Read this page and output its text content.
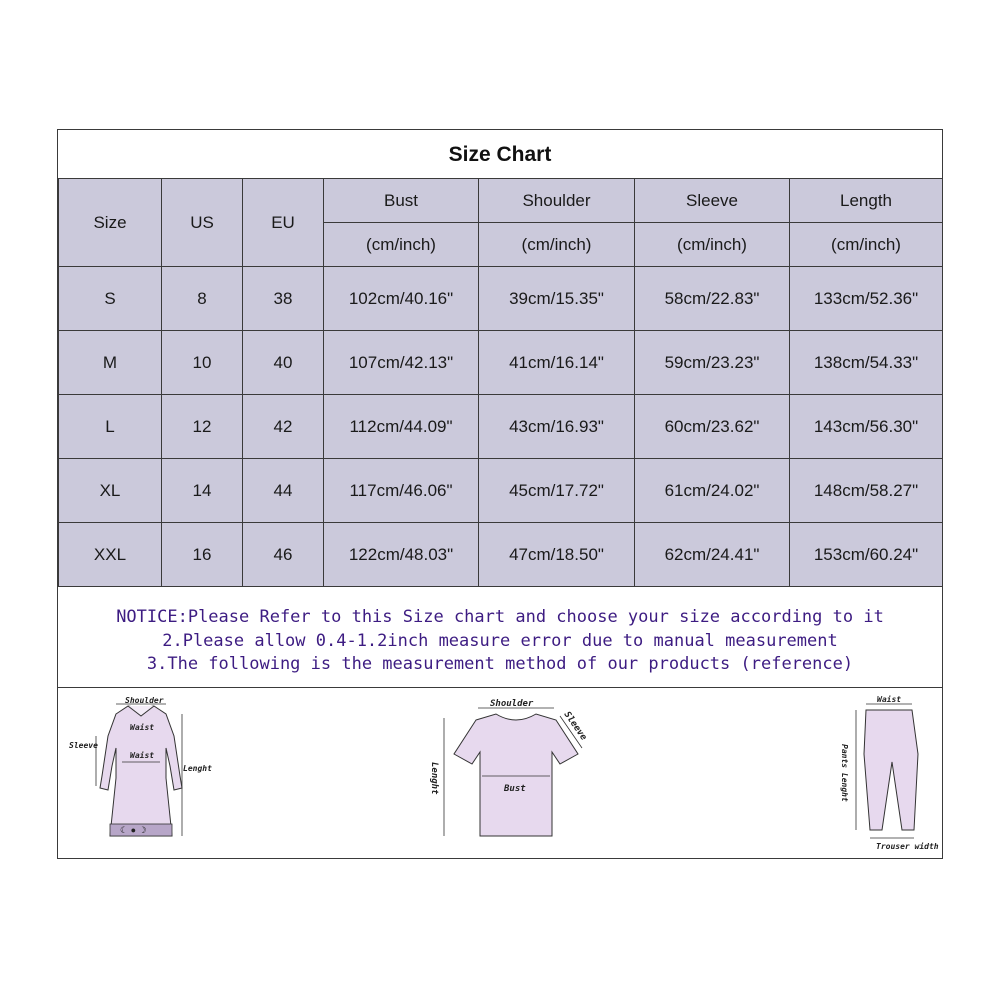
Size Chart
Size	US	EU	Bust	Shoulder	Sleeve	Length
			(cm/inch)	(cm/inch)	(cm/inch)	(cm/inch)
S	8	38	102cm/40.16"	39cm/15.35"	58cm/22.83"	133cm/52.36"
M	10	40	107cm/42.13"	41cm/16.14"	59cm/23.23"	138cm/54.33"
L	12	42	112cm/44.09"	43cm/16.93"	60cm/23.62"	143cm/56.30"
XL	14	44	117cm/46.06"	45cm/17.72"	61cm/24.02"	148cm/58.27"
XXL	16	46	122cm/48.03"	47cm/18.50"	62cm/24.41"	153cm/60.24"
NOTICE:Please Refer to this Size chart and choose your size according to it
2.Please allow 0.4-1.2inch measure error due to manual measurement
3.The following is the measurement method of our products (reference)
☾ ● ☽
Shoulder
Waist
Waist
Sleeve
Lenght
Shoulder
Sleeve
Bust
Lenght
Waist
Pants Lenght
Trouser width
